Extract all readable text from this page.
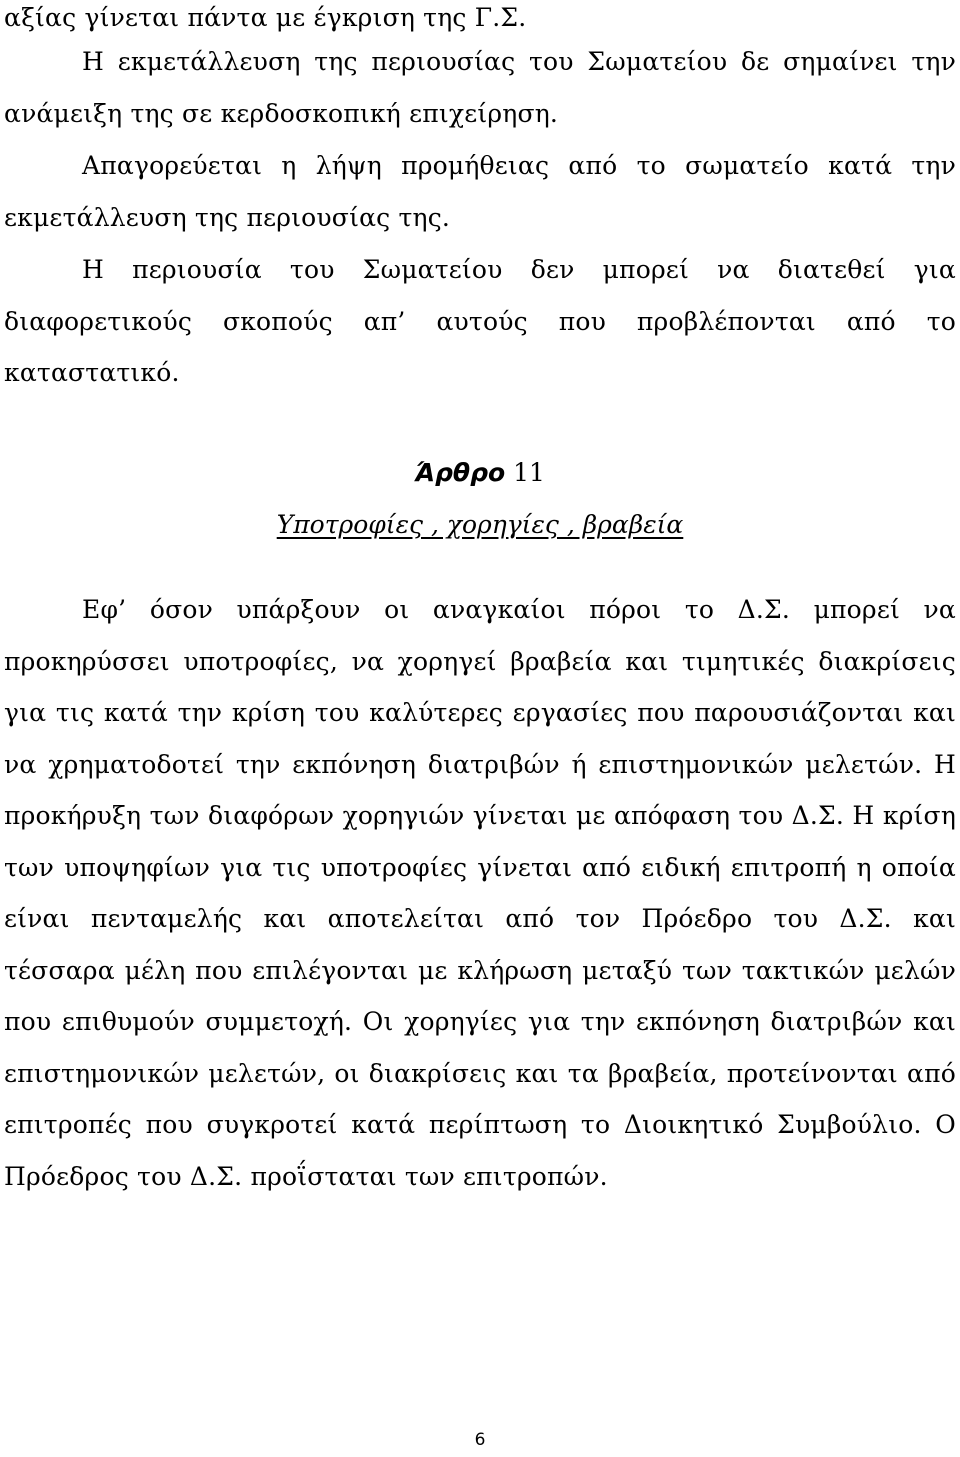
αξίας γίνεται πάντα με έγκριση της Γ.Σ.

Η εκμετάλλευση της περιουσίας του Σωματείου δε σημαίνει την ανάμειξη της σε κερδοσκοπική επιχείρηση.

Απαγορεύεται η λήψη προμήθειας από το σωματείο κατά την εκμετάλλευση της περιουσίας της.

Η περιουσία του Σωματείου δεν μπορεί να διατεθεί για διαφορετικούς σκοπούς απ’ αυτούς που προβλέπονται από το καταστατικό.

Άρθρο 11

Υποτροφίες , χορηγίες , βραβεία

Εφ’ όσον υπάρξουν οι αναγκαίοι πόροι το Δ.Σ. μπορεί να προκηρύσσει υποτροφίες, να χορηγεί βραβεία και τιμητικές διακρίσεις για τις κατά την κρίση του καλύτερες εργασίες που παρουσιάζονται και να χρηματοδοτεί την εκπόνηση διατριβών ή επιστημονικών μελετών. Η προκήρυξη των διαφόρων χορηγιών γίνεται με απόφαση του Δ.Σ. Η κρίση των υποψηφίων για τις υποτροφίες γίνεται από ειδική επιτροπή η οποία είναι πενταμελής και αποτελείται από τον Πρόεδρο του Δ.Σ. και τέσσαρα μέλη που επιλέγονται με κλήρωση μεταξύ των τακτικών μελών που επιθυμούν συμμετοχή. Οι χορηγίες για την εκπόνηση διατριβών και επιστημονικών μελετών, οι διακρίσεις και τα βραβεία, προτείνονται από επιτροπές που συγκροτεί κατά περίπτωση το Διοικητικό Συμβούλιο. Ο Πρόεδρος του Δ.Σ. προΐσταται των επιτροπών.

6
